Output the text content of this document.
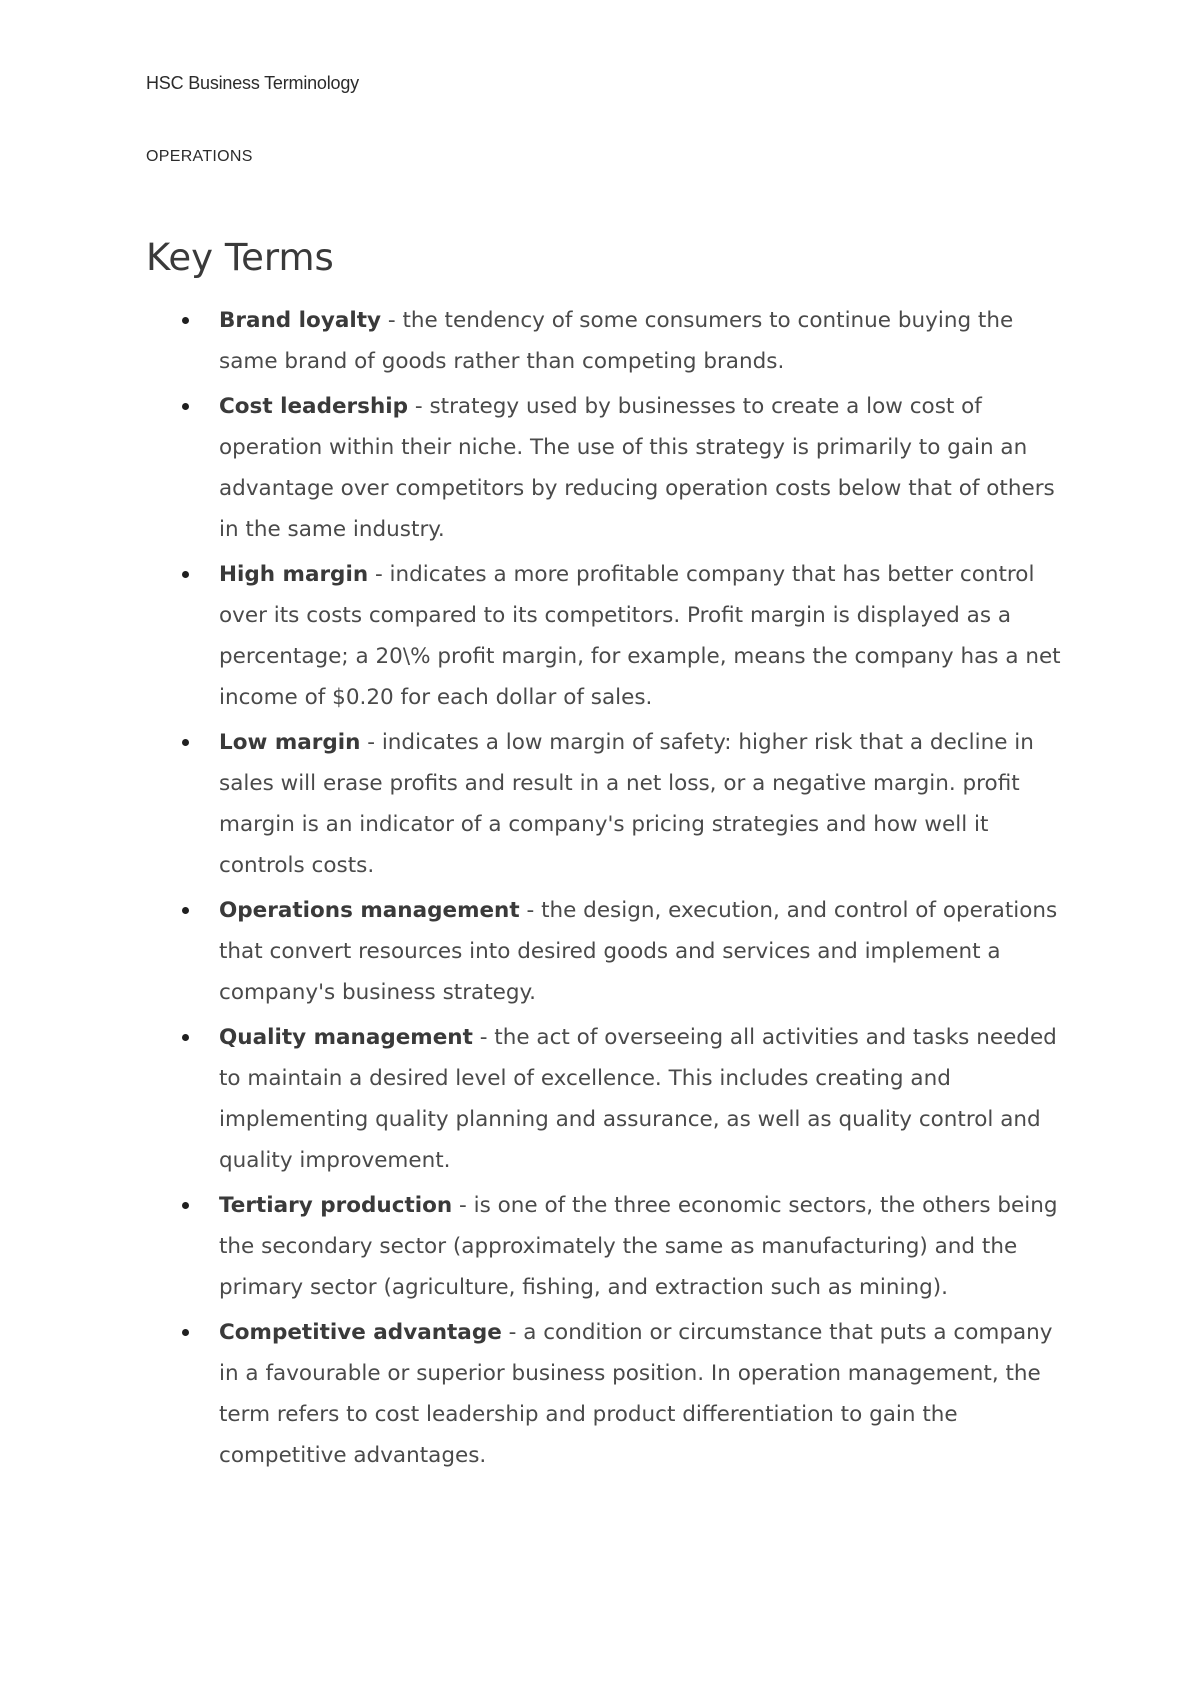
HSC Business Terminology
OPERATIONS
Key Terms
Brand loyalty - the tendency of some consumers to continue buying the same brand of goods rather than competing brands.
Cost leadership - strategy used by businesses to create a low cost of operation within their niche. The use of this strategy is primarily to gain an advantage over competitors by reducing operation costs below that of others in the same industry.
High margin - indicates a more profitable company that has better control over its costs compared to its competitors. Profit margin is displayed as a percentage; a 20\% profit margin, for example, means the company has a net income of $0.20 for each dollar of sales.
Low margin - indicates a low margin of safety: higher risk that a decline in sales will erase profits and result in a net loss, or a negative margin. profit margin is an indicator of a company's pricing strategies and how well it controls costs.
Operations management - the design, execution, and control of operations that convert resources into desired goods and services and implement a company's business strategy.
Quality management - the act of overseeing all activities and tasks needed to maintain a desired level of excellence. This includes creating and implementing quality planning and assurance, as well as quality control and quality improvement.
Tertiary production - is one of the three economic sectors, the others being the secondary sector (approximately the same as manufacturing) and the primary sector (agriculture, fishing, and extraction such as mining).
Competitive advantage - a condition or circumstance that puts a company in a favourable or superior business position. In operation management, the term refers to cost leadership and product differentiation to gain the competitive advantages.
